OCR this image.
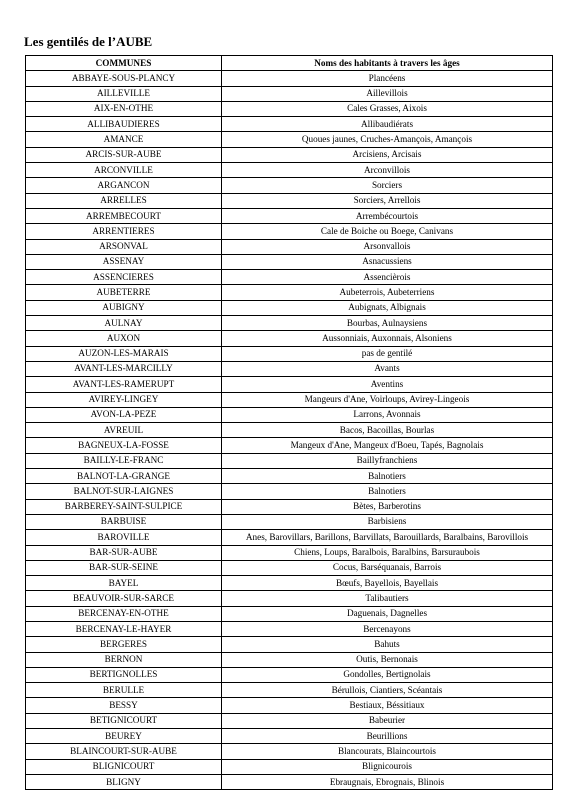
Les gentilés de l’AUBE
COMMUNES	Noms des habitants à travers les âges
ABBAYE-SOUS-PLANCY	Plancéens
AILLEVILLE	Aillevillois
AIX-EN-OTHE	Cales Grasses, Aixois
ALLIBAUDIERES	Allibaudiérats
AMANCE	Quoues jaunes, Cruches-Amançois, Amançois
ARCIS-SUR-AUBE	Arcisiens, Arcisais
ARCONVILLE	Arconvillois
ARGANCON	Sorciers
ARRELLES	Sorciers, Arrellois
ARREMBECOURT	Arrembécourtois
ARRENTIERES	Cale de Boiche ou Boege, Canivans
ARSONVAL	Arsonvallois
ASSENAY	Asnacussiens
ASSENCIERES	Assencièrois
AUBETERRE	Aubeterrois, Aubeterriens
AUBIGNY	Aubignats, Albignais
AULNAY	Bourbas, Aulnaysiens
AUXON	Aussonniais, Auxonnais, Alsoniens
AUZON-LES-MARAIS	pas de gentilé
AVANT-LES-MARCILLY	Avants
AVANT-LES-RAMERUPT	Aventins
AVIREY-LINGEY	Mangeurs d'Ane, Voirloups, Avirey-Lingeois
AVON-LA-PEZE	Larrons, Avonnais
AVREUIL	Bacos, Bacoillas, Bourlas
BAGNEUX-LA-FOSSE	Mangeux d'Ane, Mangeux d'Boeu, Tapés, Bagnolais
BAILLY-LE-FRANC	Baillyfranchiens
BALNOT-LA-GRANGE	Balnotiers
BALNOT-SUR-LAIGNES	Balnotiers
BARBEREY-SAINT-SULPICE	Bètes, Barberotins
BARBUISE	Barbisiens
BAROVILLE	Anes, Barovillars, Barillons, Barvillats, Barouillards, Baralbains, Barovillois
BAR-SUR-AUBE	Chiens, Loups, Baralbois, Baralbins, Barsuraubois
BAR-SUR-SEINE	Cocus, Barséquanais, Barrois
BAYEL	Bœufs, Bayellois, Bayellais
BEAUVOIR-SUR-SARCE	Talibautiers
BERCENAY-EN-OTHE	Daguenais, Dagnelles
BERCENAY-LE-HAYER	Bercenayons
BERGERES	Bahuts
BERNON	Outis, Bernonais
BERTIGNOLLES	Gondolles, Bertignolais
BERULLE	Bérullois, Ciantiers, Scéantais
BESSY	Bestiaux, Béssitiaux
BETIGNICOURT	Babeurier
BEUREY	Beurillions
BLAINCOURT-SUR-AUBE	Blancourats, Blaincourtois
BLIGNICOURT	Blignicourois
BLIGNY	Ebraugnais, Ebrognais, Blinois
